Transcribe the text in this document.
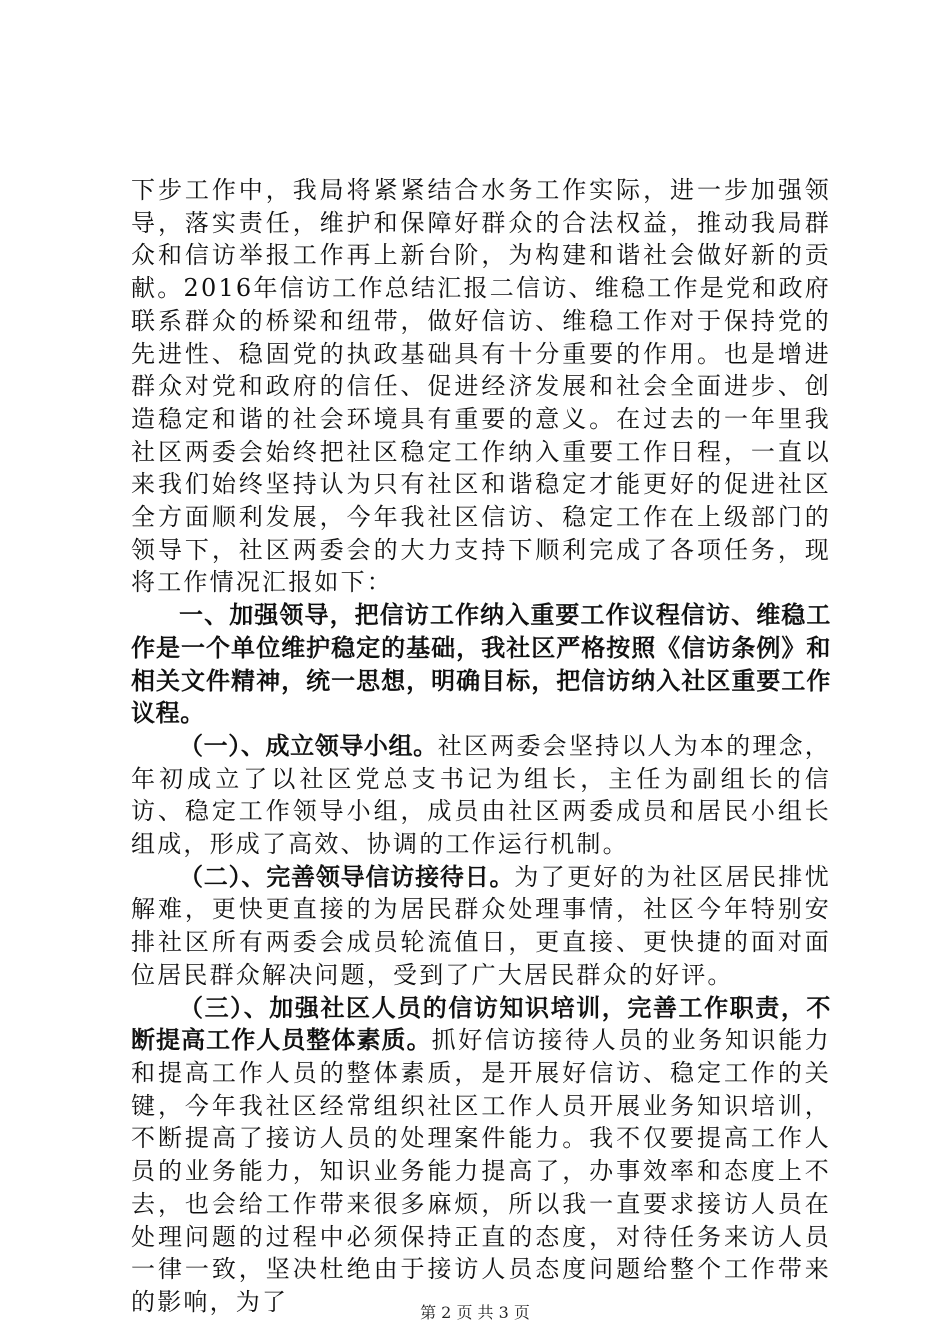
下步工作中，我局将紧紧结合水务工作实际，进一步加强领导，落实责任，维护和保障好群众的合法权益，推动我局群众和信访举报工作再上新台阶，为构建和谐社会做好新的贡献。2016年信访工作总结汇报二信访、维稳工作是党和政府联系群众的桥梁和纽带，做好信访、维稳工作对于保持党的先进性、稳固党的执政基础具有十分重要的作用。也是增进群众对党和政府的信任、促进经济发展和社会全面进步、创造稳定和谐的社会环境具有重要的意义。在过去的一年里我社区两委会始终把社区稳定工作纳入重要工作日程，一直以来我们始终坚持认为只有社区和谐稳定才能更好的促进社区全方面顺利发展，今年我社区信访、稳定工作在上级部门的领导下，社区两委会的大力支持下顺利完成了各项任务，现将工作情况汇报如下：

一、加强领导，把信访工作纳入重要工作议程信访、维稳工作是一个单位维护稳定的基础，我社区严格按照《信访条例》和相关文件精神，统一思想，明确目标，把信访纳入社区重要工作议程。

（一）、成立领导小组。社区两委会坚持以人为本的理念，年初成立了以社区党总支书记为组长，主任为副组长的信访、稳定工作领导小组，成员由社区两委成员和居民小组长组成，形成了高效、协调的工作运行机制。

（二）、完善领导信访接待日。为了更好的为社区居民排忧解难，更快更直接的为居民群众处理事情，社区今年特别安排社区所有两委会成员轮流值日，更直接、更快捷的面对面位居民群众解决问题，受到了广大居民群众的好评。

（三）、加强社区人员的信访知识培训，完善工作职责，不断提高工作人员整体素质。抓好信访接待人员的业务知识能力和提高工作人员的整体素质，是开展好信访、稳定工作的关键，今年我社区经常组织社区工作人员开展业务知识培训，不断提高了接访人员的处理案件能力。我不仅要提高工作人员的业务能力，知识业务能力提高了，办事效率和态度上不去，也会给工作带来很多麻烦，所以我一直要求接访人员在处理问题的过程中必须保持正直的态度，对待任务来访人员一律一致，坚决杜绝由于接访人员态度问题给整个工作带来的影响，为了	第 2 页 共 3 页
